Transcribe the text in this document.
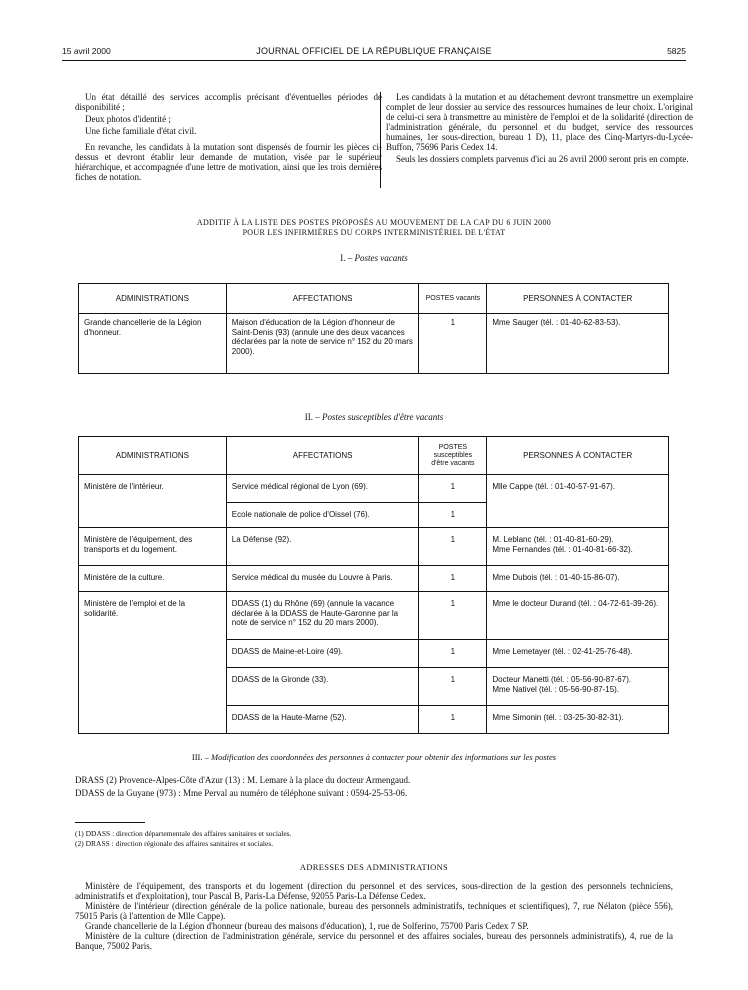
15 avril 2000	JOURNAL OFFICIEL DE LA RÉPUBLIQUE FRANÇAISE	5825

Un état détaillé des services accomplis précisant d'éventuelles périodes de disponibilité ;

Deux photos d'identité ;

Une fiche familiale d'état civil.

En revanche, les candidats à la mutation sont dispensés de fournir les pièces ci-dessus et devront établir leur demande de mutation, visée par le supérieur hiérarchique, et accompagnée d'une lettre de motivation, ainsi que les trois dernières fiches de notation.

Les candidats à la mutation et au détachement devront transmettre un exemplaire complet de leur dossier au service des ressources humaines de leur choix. L'original de celui-ci sera à transmettre au ministère de l'emploi et de la solidarité (direction de l'administration générale, du personnel et du budget, service des ressources humaines, 1er sous-direction, bureau 1 D), 11, place des Cinq-Martyrs-du-Lycée-Buffon, 75696 Paris Cedex 14.

Seuls les dossiers complets parvenus d'ici au 26 avril 2000 seront pris en compte.

ADDITIF À LA LISTE DES POSTES PROPOSÉS AU MOUVEMENT DE LA CAP DU 6 JUIN 2000
POUR LES INFIRMIÈRES DU CORPS INTERMINISTÉRIEL DE L'ÉTAT
I. – Postes vacants
ADMINISTRATIONS	AFFECTATIONS	POSTES vacants	PERSONNES À CONTACTER
Grande chancellerie de la Légion d'honneur.	Maison d'éducation de la Légion d'honneur de Saint-Denis (93) (annule une des deux vacances déclarées par la note de service n° 152 du 20 mars 2000).	1	Mme Sauger (tél. : 01-40-62-83-53).
II. – Postes susceptibles d'être vacants
ADMINISTRATIONS	AFFECTATIONS	POSTES susceptibles d'être vacants	PERSONNES À CONTACTER
Ministère de l'intérieur.	Service médical régional de Lyon (69).	1	Mlle Cappe (tél. : 01-40-57-91-67).
	Ecole nationale de police d'Oissel (76).	1	
Ministère de l'équipement, des transports et du logement.	La Défense (92).	1	M. Leblanc (tél. : 01-40-81-60-29).
Mme Fernandes (tél. : 01-40-81-66-32).

Ministère de la culture.	Service médical du musée du Louvre à Paris.	1	Mme Dubois (tél. : 01-40-15-86-07).
Ministère de l'emploi et de la solidarité.	DDASS (1) du Rhône (69) (annule la vacance déclarée à la DDASS de Haute-Garonne par la note de service n° 152 du 20 mars 2000).	1	Mme le docteur Durand (tél. : 04-72-61-39-26).
	DDASS de Maine-et-Loire (49).	1	Mme Lemetayer (tél. : 02-41-25-76-48).
	DDASS de la Gironde (33).	1	Docteur Manetti (tél. : 05-56-90-87-67).
Mme Nativel (tél. : 05-56-90-87-15).

	DDASS de la Haute-Marne (52).	1	Mme Simonin (tél. : 03-25-30-82-31).
III. – Modification des coordonnées des personnes à contacter pour obtenir des informations sur les postes
DRASS (2) Provence-Alpes-Côte d'Azur (13) : M. Lemare à la place du docteur Armengaud.
DDASS de la Guyane (973) : Mme Perval au numéro de téléphone suivant : 0594-25-53-06.
(1) DDASS : direction départementale des affaires sanitaires et sociales.
(2) DRASS : direction régionale des affaires sanitaires et sociales.
ADRESSES DES ADMINISTRATIONS

Ministère de l'équipement, des transports et du logement (direction du personnel et des services, sous-direction de la gestion des personnels techniciens, administratifs et d'exploitation), tour Pascal B, Paris-La Défense, 92055 Paris-La Défense Cedex.

Ministère de l'intérieur (direction générale de la police nationale, bureau des personnels administratifs, techniques et scientifiques), 7, rue Nélaton (pièce 556), 75015 Paris (à l'attention de Mlle Cappe).

Grande chancellerie de la Légion d'honneur (bureau des maisons d'éducation), 1, rue de Solferino, 75700 Paris Cedex 7 SP.

Ministère de la culture (direction de l'administration générale, service du personnel et des affaires sociales, bureau des personnels administratifs), 4, rue de la Banque, 75002 Paris.
